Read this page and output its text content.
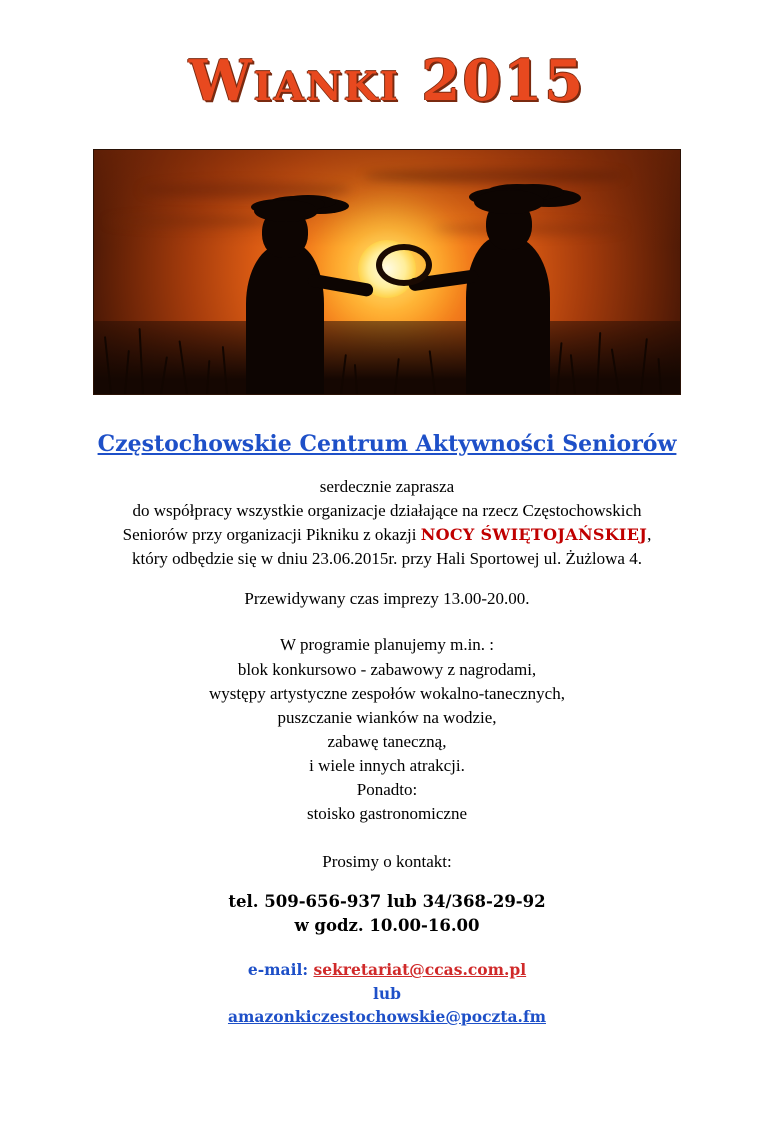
Wianki 2015
Częstochowskie Centrum Aktywności Seniorów
serdecznie zaprasza
do współpracy wszystkie organizacje działające na rzecz Częstochowskich
Seniorów przy organizacji Pikniku z okazji NOCY ŚWIĘTOJAŃSKIEJ,
który odbędzie się w dniu 23.06.2015r. przy Hali Sportowej ul. Żużlowa 4.
Przewidywany czas imprezy 13.00-20.00.
W programie planujemy m.in. :
blok konkursowo - zabawowy z nagrodami,
występy artystyczne zespołów wokalno-tanecznych,
puszczanie wianków na wodzie,
zabawę taneczną,
i wiele innych atrakcji.
Ponadto:
stoisko gastronomiczne
Prosimy o kontakt:
tel. 509-656-937 lub 34/368-29-92
w godz. 10.00-16.00
e-mail: sekretariat@ccas.com.pl
lub
amazonkiczestochowskie@poczta.fm
